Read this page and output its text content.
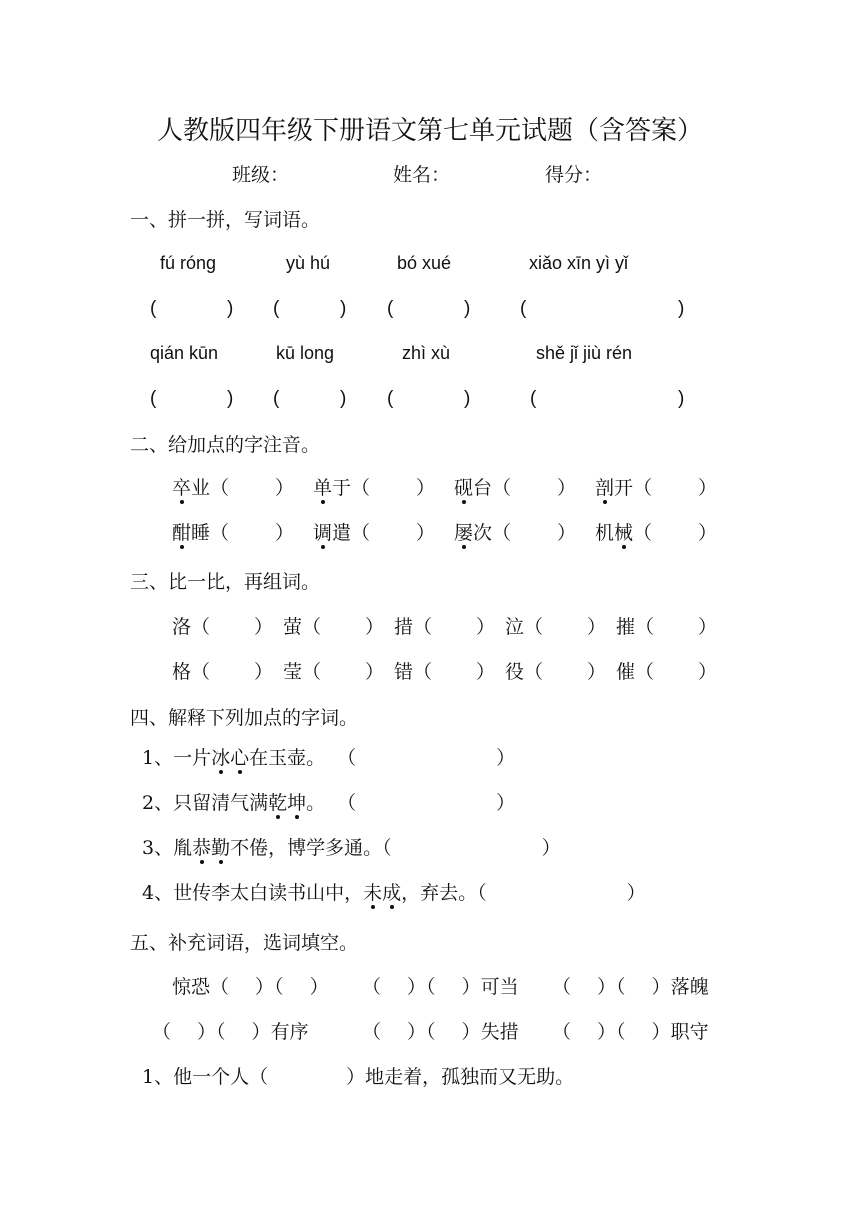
人教版四年级下册语文第七单元试题（含答案）
班级：	姓名：	得分：
一、拼一拼，写词语。
fú róng	yù hú	bó xué	xiǎo xīn yì yǐ
(	) (	) (	)	(	)
qián kūn	kū long	zhì xù	shě jǐ jiù rén
(	) (	) (	)	(	)
二、给加点的字注音。
卒业（ ） 单于（ ） 砚台（ ） 剖开（ ）
酣睡（ ） 调遣（ ） 屡次（ ） 机械（ ）
三、比一比，再组词。
洛（ ） 萤（ ） 措（ ） 泣（ ） 摧（ ）
格（ ） 莹（ ） 错（ ） 役（ ） 催（ ）
四、解释下列加点的字词。
1、一片冰心在玉壶。 （	）
2、只留清气满乾坤。 （	）
3、胤恭勤不倦，博学多通。（	）
4、世传李太白读书山中，未成，弃去。（	）
五、补充词语，选词填空。
惊恐（ ）（ ） （ ）（ ）可当 （ ）（ ）落魄
（ ）（ ）有序	（ ）（ ）失措 （ ）（ ）职守
1、他一个人（	）地走着，孤独而又无助。
